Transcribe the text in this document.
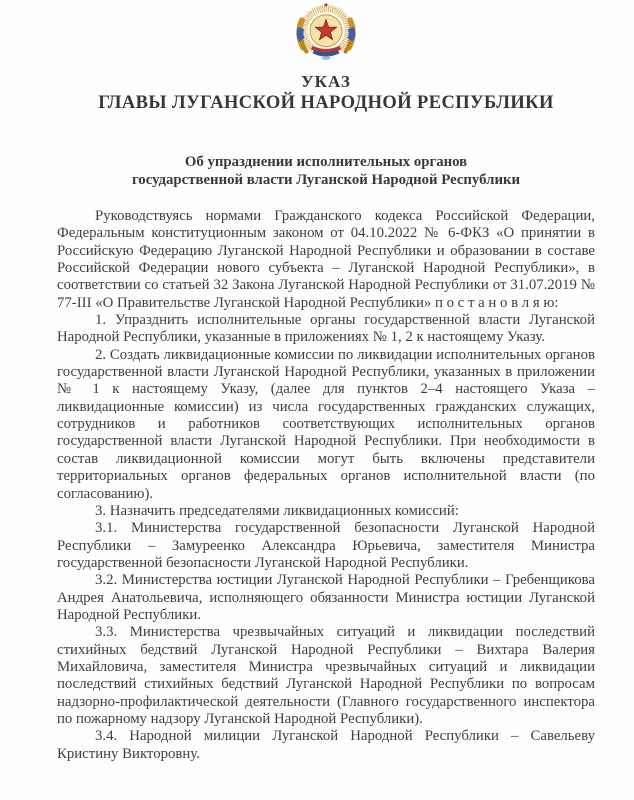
УКАЗ
ГЛАВЫ ЛУГАНСКОЙ НАРОДНОЙ РЕСПУБЛИКИ
Об упразднении исполнительных органов
государственной власти Луганской Народной Республики

Руководствуясь нормами Гражданского кодекса Российской Федерации, Федеральным конституционным законом от 04.10.2022 № 6-ФКЗ «О принятии в Российскую Федерацию Луганской Народной Республики и образовании в составе Российской Федерации нового субъекта – Луганской Народной Республики», в соответствии со статьей 32 Закона Луганской Народной Республики от 31.07.2019 № 77-III «О Правительстве Луганской Народной Республики» п о с т а н о в л я ю:

1. Упразднить исполнительные органы государственной власти Луганской Народной Республики, указанные в приложениях № 1, 2 к настоящему Указу.

2. Создать ликвидационные комиссии по ликвидации исполнительных органов государственной власти Луганской Народной Республики, указанных в приложении № 1 к настоящему Указу, (далее для пунктов 2–4 настоящего Указа – ликвидационные комиссии) из числа государственных гражданских служащих, сотрудников и работников соответствующих исполнительных органов государственной власти Луганской Народной Республики. При необходимости в состав ликвидационной комиссии могут быть включены представители территориальных органов федеральных органов исполнительной власти (по согласованию).

3. Назначить председателями ликвидационных комиссий:

3.1. Министерства государственной безопасности Луганской Народной Республики – Замуреенко Александра Юрьевича, заместителя Министра государственной безопасности Луганской Народной Республики.

3.2. Министерства юстиции Луганской Народной Республики – Гребенщикова Андрея Анатольевича, исполняющего обязанности Министра юстиции Луганской Народной Республики.

3.3. Министерства чрезвычайных ситуаций и ликвидации последствий стихийных бедствий Луганской Народной Республики – Вихтара Валерия Михайловича, заместителя Министра чрезвычайных ситуаций и ликвидации последствий стихийных бедствий Луганской Народной Республики по вопросам надзорно-профилактической деятельности (Главного государственного инспектора по пожарному надзору Луганской Народной Республики).

3.4. Народной милиции Луганской Народной Республики – Савельеву Кристину Викторовну.
